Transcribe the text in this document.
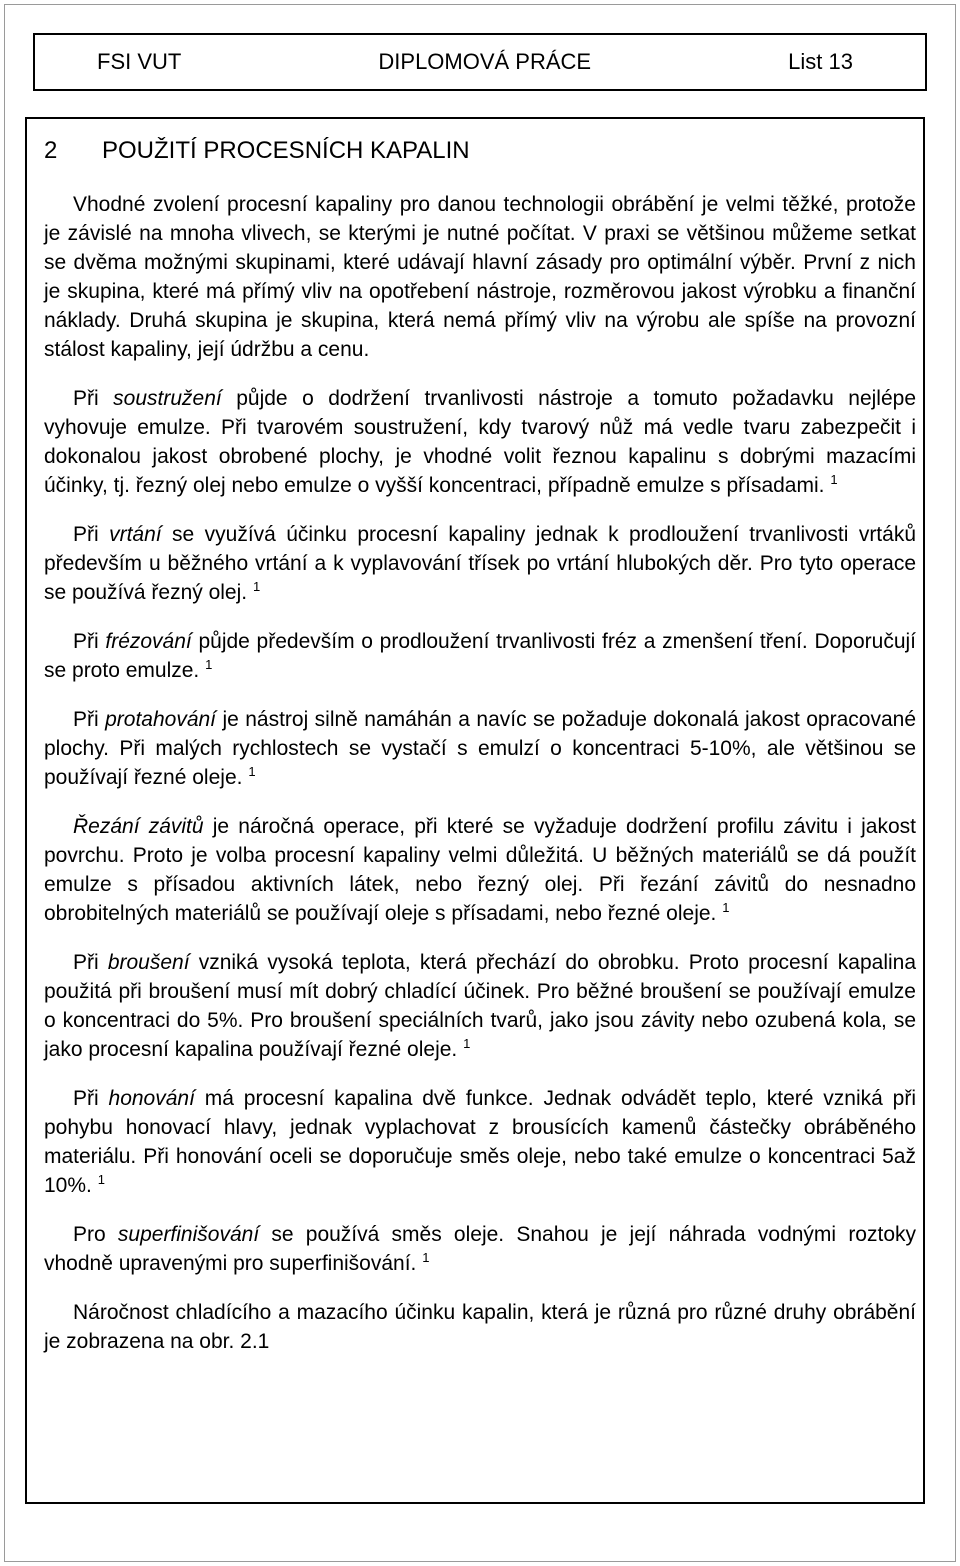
FSI VUT	DIPLOMOVÁ PRÁCE	List 13
2	POUŽITÍ PROCESNÍCH KAPALIN

Vhodné zvolení procesní kapaliny pro danou technologii obrábění je velmi těžké, protože je závislé na mnoha vlivech, se kterými je nutné počítat. V praxi se většinou můžeme setkat se dvěma možnými skupinami, které udávají hlavní zásady pro optimální výběr. První z nich je skupina, které má přímý vliv na opotřebení nástroje, rozměrovou jakost výrobku a finanční náklady. Druhá skupina je skupina, která nemá přímý vliv na výrobu ale spíše na provozní stálost kapaliny, její údržbu a cenu.

Při soustružení půjde o dodržení trvanlivosti nástroje a tomuto požadavku nejlépe vyhovuje emulze. Při tvarovém soustružení, kdy tvarový nůž má vedle tvaru zabezpečit i dokonalou jakost obrobené plochy, je vhodné volit řeznou kapalinu s dobrými mazacími účinky, tj. řezný olej nebo emulze o vyšší koncentraci, případně emulze s přísadami. $^1$

Při vrtání se využívá účinku procesní kapaliny jednak k prodloužení trvanlivosti vrtáků především u běžného vrtání a k vyplavování třísek po vrtání hlubokých děr. Pro tyto operace se používá řezný olej. $^1$

Při frézování půjde především o prodloužení trvanlivosti fréz a zmenšení tření. Doporučují se proto emulze. $^1$

Při protahování je nástroj silně namáhán a navíc se požaduje dokonalá jakost opracované plochy. Při malých rychlostech se vystačí s emulzí o koncentraci 5-10%, ale většinou se používají řezné oleje. $^1$

Řezání závitů je náročná operace, při které se vyžaduje dodržení profilu závitu i jakost povrchu. Proto je volba procesní kapaliny velmi důležitá. U běžných materiálů se dá použít emulze s přísadou aktivních látek, nebo řezný olej. Při řezání závitů do nesnadno obrobitelných materiálů se používají oleje s přísadami, nebo řezné oleje. $^1$

Při broušení vzniká vysoká teplota, která přechází do obrobku. Proto procesní kapalina použitá při broušení musí mít dobrý chladící účinek. Pro běžné broušení se používají emulze o koncentraci do 5%. Pro broušení speciálních tvarů, jako jsou závity nebo ozubená kola, se jako procesní kapalina používají řezné oleje. $^1$

Při honování má procesní kapalina dvě funkce. Jednak odvádět teplo, které vzniká při pohybu honovací hlavy, jednak vyplachovat z brousících kamenů částečky obráběného materiálu. Při honování oceli se doporučuje směs oleje, nebo také emulze o koncentraci 5až 10%. $^1$

Pro superfinišování se používá směs oleje. Snahou je její náhrada vodnými roztoky vhodně upravenými pro superfinišování. $^1$

Náročnost chladícího a mazacího účinku kapalin, která je různá pro různé druhy obrábění je zobrazena na obr. 2.1
